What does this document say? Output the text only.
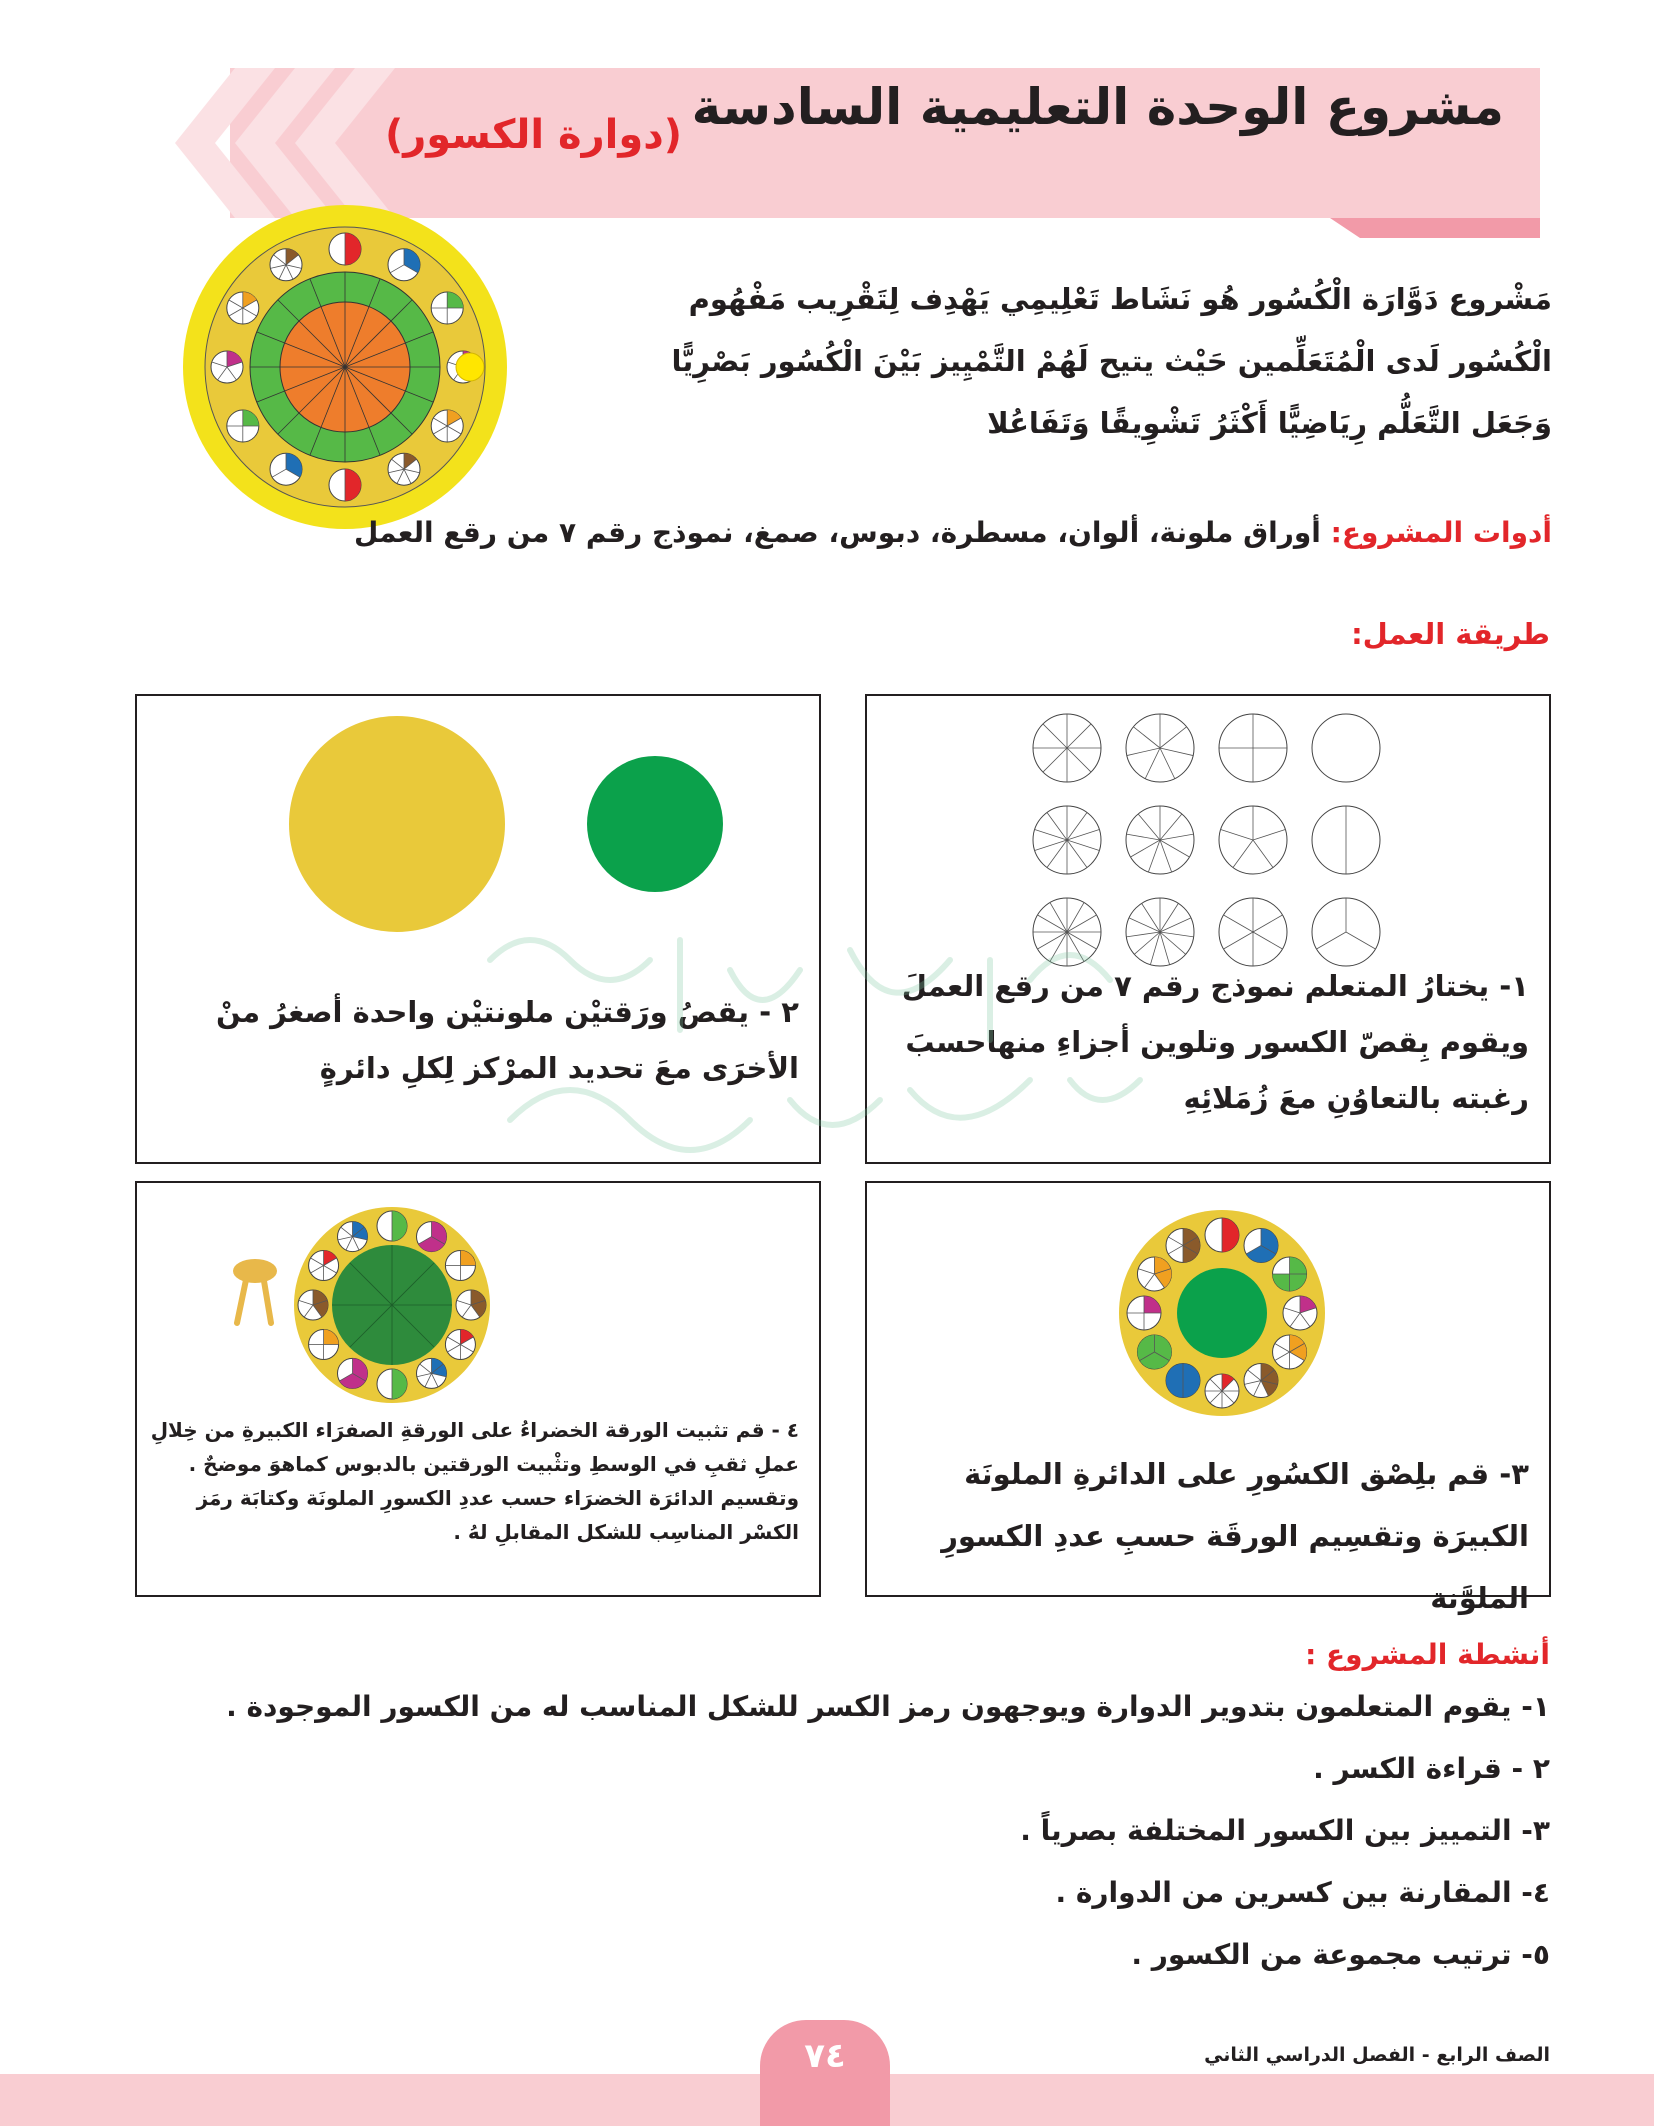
مشروع الوحدة التعليمية السادسة
(دوارة الكسور)
مَشْروع دَوَّارَة الْكُسُور هُو نَشَاط تَعْلِيمِي يَهْدِف لِتَقْرِيب مَفْهُوم الْكُسُور لَدى الْمُتَعَلِّمين حَيْث يتيح لَهُمْ التَّمْيِيز بَيْنَ الْكُسُور بَصْرِيًّا وَجَعَل التَّعَلُّم رِيَاضِيًّا أَكْثَرُ تَشْوِيقًا وَتَفَاعُلا
أدوات المشروع: أوراق ملونة، ألوان، مسطرة، دبوس، صمغ، نموذج رقم ٧ من رقع العمل
طريقة العمل:
١- يختارُ المتعلم نموذج رقم ٧ من رقع العملَ ويقوم بِقصّ الكسور وتلوين أجزاءِ منهاحسبَ رغبته بالتعاوُنِ معَ زُمَلائِهِ
٢ - يقصُ ورَقتيْن ملونتيْن واحدة أصغرُ منْ الأخرَى معَ تحديد المرْكز لِكلِ دائرةٍ
٣- قم بلِصْق الكسُورِ على الدائرةِ الملونَة الكبيرَة وتقسِيم الورقَة حسبِ عددِ الكسورِ الملوَّنة
٤ - قم تثبيت الورقة الخضراءُ على الورقةِ الصفرَاء الكبيرةِ من خِلالِ عملِ ثقبِ في الوسطِ وتثْبيت الورقتين بالدبوس كماهوَ موضحٌ . وتقسيم الدائرَة الخضرَاء حسب عددِ الكسورِ الملونَة وكتابَة رمَز الكسْر المناسِب للشكل المقابلِ لهُ .
أنشطة المشروع :
١- يقوم المتعلمون بتدوير الدوارة ويوجهون رمز الكسر للشكل المناسب له من الكسور الموجودة .
٢ - قراءة الكسر .
٣- التمييز بين الكسور المختلفة بصرياً .
٤- المقارنة بين كسرين من الدوارة .
٥- ترتيب مجموعة من الكسور .
٧٤	الصف الرابع - الفصل الدراسي الثاني
